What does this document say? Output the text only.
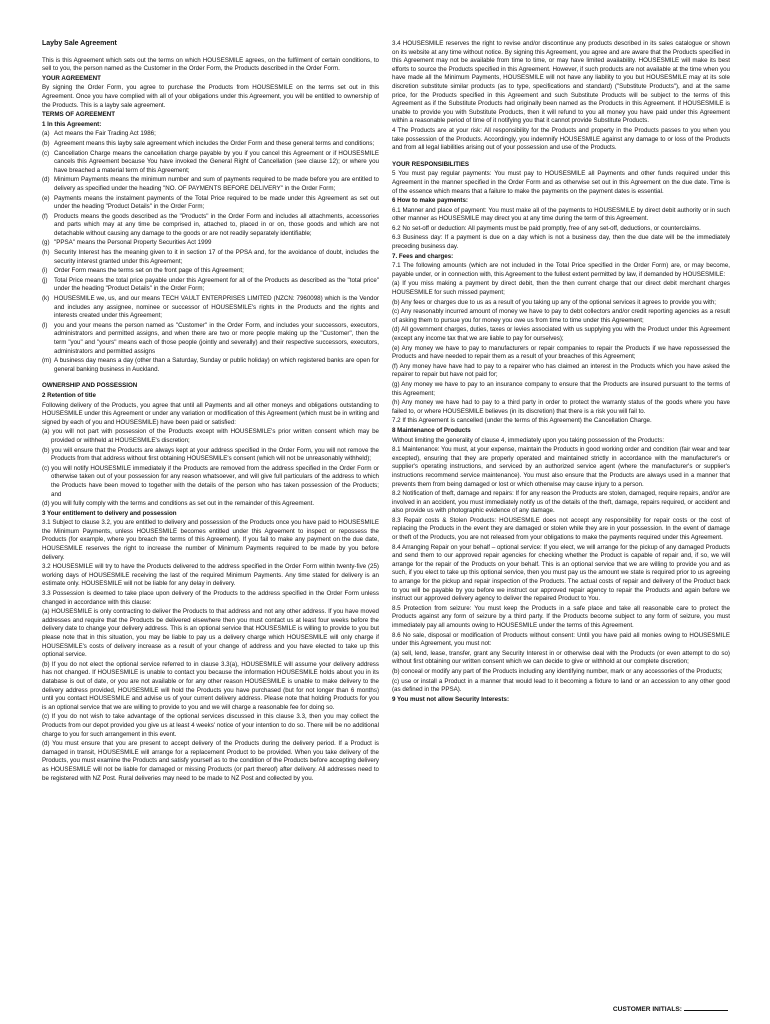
Layby Sale Agreement

This is this Agreement which sets out the terms on which HOUSESMILE agrees, on the fulfilment of certain conditions, to sell to you, the person named as the Customer in the Order Form, the Products described in the Order Form.

YOUR AGREEMENT

By signing the Order Form, you agree to purchase the Products from HOUSESMILE on the terms set out in this Agreement. Once you have complied with all of your obligations under this Agreement, you will be entitled to ownership of the Products. This is a layby sale agreement.

TERMS OF AGREEMENT

1 In this Agreement:

(a) Act means the Fair Trading Act 1986;
(b) Agreement means this layby sale agreement which includes the Order Form and these general terms and conditions;
(c) Cancellation Charge means the cancellation charge payable by you if you cancel this Agreement or if HOUSESMILE cancels this Agreement because You have invoked the General Right of Cancellation (see clause 12); or where you have breached a material term of this Agreement;
(d) Minimum Payments means the minimum number and sum of payments required to be made before you are entitled to delivery as specified under the heading "NO. OF PAYMENTS BEFORE DELIVERY" in the Order Form;
(e) Payments means the instalment payments of the Total Price required to be made under this Agreement as set out under the heading "Product Details" in the Order Form;
(f) Products means the goods described as the "Products" in the Order Form and includes all attachments, accessories and parts which may at any time be comprised in, attached to, placed in or on, those goods and which are not detachable without causing any damage to the goods or are not readily separately identifiable;
(g) "PPSA" means the Personal Property Securities Act 1999
(h) Security Interest has the meaning given to it in section 17 of the PPSA and, for the avoidance of doubt, includes the security interest granted under this Agreement;
(i)	Order Form means the terms set on the front page of this Agreement;
(j)	Total Price means the total price payable under this Agreement for all of the Products as described as the "total price" under the heading "Product Details" in the Order Form;
(k) HOUSESMILE we, us, and our means TECH VAULT ENTERPRISES LIMITED (NZCN: 7960098) which is the Vendor and includes any assignee, nominee or successor of HOUSESMILE's rights in the Products and the rights and interests created under this Agreement;
(l)	you and your means the person named as "Customer" in the Order Form, and includes your successors, executors, administrators and permitted assigns, and when there are two or more people making up the "Customer", then the term "you" and "yours" means each of those people (jointly and severally) and their respective successors, executors, administrators and permitted assigns
(m) A business day means a day (other than a Saturday, Sunday or public holiday) on which registered banks are open for general banking business in Auckland.

OWNERSHIP AND POSSESSION

2 Retention of title

Following delivery of the Products, you agree that until all Payments and all other moneys and obligations outstanding to HOUSESMILE under this Agreement or under any variation or modification of this Agreement (which must be in writing and signed by each of you and HOUSESMILE) have been paid or satisfied:

(a) you will not part with possession of the Products except with HOUSESMILE's prior written consent which may be provided or withheld at HOUSESMILE's discretion;

(b) you will ensure that the Products are always kept at your address specified in the Order Form, you will not remove the Products from that address without first obtaining HOUSESMILE's consent (which will not be unreasonably withheld);

(c) you will notify HOUSESMILE immediately if the Products are removed from the address specified in the Order Form or otherwise taken out of your possession for any reason whatsoever, and will give full particulars of the address to which the Products have been moved to together with the details of the person who has taken possession of the Products; and

(d) you will fully comply with the terms and conditions as set out in the remainder of this Agreement.

3 Your entitlement to delivery and possession

3.1 Subject to clause 3.2, you are entitled to delivery and possession of the Products once you have paid to HOUSESMILE the Minimum Payments, unless HOUSESMILE becomes entitled under this Agreement to inspect or repossess the Products (for example, where you breach the terms of this Agreement). If you fail to make any payment on the due date, HOUSESMILE reserves the right to increase the number of Minimum Payments required to be made by you before delivery.

3.2 HOUSESMILE will try to have the Products delivered to the address specified in the Order Form within twenty-five (25) working days of HOUSESMILE receiving the last of the required Minimum Payments. Any time stated for delivery is an estimate only. HOUSESMILE will not be liable for any delay in delivery.

3.3 Possession is deemed to take place upon delivery of the Products to the address specified in the Order Form unless changed in accordance with this clause:

(a) HOUSESMILE is only contracting to deliver the Products to that address and not any other address. If you have moved addresses and require that the Products be delivered elsewhere then you must contact us at least four weeks before the delivery date to change your delivery address. This is an optional service that HOUSESMILE is willing to provide to you but please note that in this situation, you may be liable to pay us a delivery charge which HOUSESMILE will only charge if HOUSESMILE's costs of delivery increase as a result of your change of address and you have elected to take up this optional service.

(b) If you do not elect the optional service referred to in clause 3.3(a), HOUSESMILE will assume your delivery address has not changed. If HOUSESMILE is unable to contact you because the information HOUSESMILE holds about you in its database is out of date, or you are not available or for any other reason HOUSESMILE is unable to make delivery to the delivery address provided, HOUSESMILE will hold the Products you have purchased (but for not longer than 6 months) until you contact HOUSESMILE and advise us of your current delivery address. Please note that holding Products for you is an optional service that we are willing to provide to you and we will charge a reasonable fee for doing so.

(c) If you do not wish to take advantage of the optional services discussed in this clause 3.3, then you may collect the Products from our depot provided you give us at least 4 weeks' notice of your intention to do so. There will be no additional charge to you for such arrangement in this event.

(d) You must ensure that you are present to accept delivery of the Products during the delivery period. If a Product is damaged in transit, HOUSESMILE will arrange for a replacement Product to be provided. When you take delivery of the Products, you must examine the Products and satisfy yourself as to the condition of the Products before accepting delivery as HOUSESMILE will not be liable for damaged or missing Products (or part thereof) after delivery. All addresses need to be registered with NZ Post. Rural deliveries may need to be made to NZ Post and collected by you.

3.4 HOUSESMILE reserves the right to revise and/or discontinue any products described in its sales catalogue or shown on its website at any time without notice. By signing this Agreement, you agree and are aware that the Products specified in this Agreement may not be available from time to time, or may have limited availability. HOUSESMILE will make its best efforts to source the Products specified in this Agreement. However, if such products are not available at the time when you have made all the Minimum Payments, HOUSESMILE will not have any liability to you but HOUSESMILE may at its sole discretion substitute similar products (as to type, specifications and standard) ("Substitute Products"), and at the same price, for the Products specified in this Agreement and such Substitute Products will be subject to the terms of this Agreement as if the Substitute Products had originally been named as the Products in this Agreement. If HOUSESMILE is unable to provide you with Substitute Products, then it will refund to you all money you have paid under this Agreement within a reasonable period of time of it notifying you that it cannot provide Substitute Products.

4 The Products are at your risk: All responsibility for the Products and property in the Products passes to you when you take possession of the Products. Accordingly, you indemnify HOUSESMILE against any damage to or loss of the Products and from all legal liabilities arising out of your possession and use of the Products.

YOUR RESPONSIBILITIES

5 You must pay regular payments: You must pay to HOUSESMILE all Payments and other funds required under this Agreement in the manner specified in the Order Form and as otherwise set out in this Agreement on the due date. Time is of the essence which means that a failure to make the payments on the payment dates is essential.

6 How to make payments:

6.1 Manner and place of payment: You must make all of the payments to HOUSESMILE by direct debit authority or in such other manner as HOUSESMILE may direct you at any time during the term of this Agreement.

6.2 No set-off or deduction: All payments must be paid promptly, free of any set-off, deductions, or counterclaims.

6.3 Business day: If a payment is due on a day which is not a business day, then the due date will be the immediately preceding business day.

7. Fees and charges:

7.1 The following amounts (which are not included in the Total Price specified in the Order Form) are, or may become, payable under, or in connection with, this Agreement to the fullest extent permitted by law, if demanded by HOUSESMILE:

(a) If you miss making a payment by direct debit, then the then current charge that our direct debit merchant charges HOUSESMILE for such missed payment;

(b) Any fees or charges due to us as a result of you taking up any of the optional services it agrees to provide you with;

(c) Any reasonably incurred amount of money we have to pay to debt collectors and/or credit reporting agencies as a result of asking them to pursue you for money you owe us from time to time under this Agreement;

(d) All government charges, duties, taxes or levies associated with us supplying you with the Product under this Agreement (except any income tax that we are liable to pay for ourselves);

(e) Any money we have to pay to manufacturers or repair companies to repair the Products if we have repossessed the Products and have needed to repair them as a result of your breaches of this Agreement;

(f) Any money have have had to pay to a repairer who has claimed an interest in the Products which you have asked the repairer to repair but have not paid for;

(g) Any money we have to pay to an insurance company to ensure that the Products are insured pursuant to the terms of this Agreement;

(h) Any money we have had to pay to a third party in order to protect the warranty status of the goods where you have failed to, or where HOUSESMILE believes (in its discretion) that there is a risk you will fail to.

7.2 If this Agreement is cancelled (under the terms of this Agreement) the Cancellation Charge.

8 Maintenance of Products

Without limiting the generality of clause 4, immediately upon you taking possession of the Products:

8.1 Maintenance: You must, at your expense, maintain the Products in good working order and condition (fair wear and tear excepted), ensuring that they are properly operated and maintained strictly in accordance with the manufacturer's or supplier's operating instructions, and serviced by an authorized service agent (where the manufacturer's or supplier's instructions recommend service maintenance). You must also ensure that the Products are always used in a manner that prevents them from being damaged or lost or which otherwise may cause injury to a person.

8.2 Notification of theft, damage and repairs: If for any reason the Products are stolen, damaged, require repairs, and/or are involved in an accident, you must immediately notify us of the details of the theft, damage, repairs required, or accident and also provide us with photographic evidence of any damage.

8.3 Repair costs & Stolen Products: HOUSESMILE does not accept any responsibility for repair costs or the cost of replacing the Products in the event they are damaged or stolen while they are in your possession. In the event of damage or theft of the Products, you are not released from your obligations to make the payments required under this Agreement.

8.4 Arranging Repair on your behalf – optional service: If you elect, we will arrange for the pickup of any damaged Products and send them to our approved repair agencies for checking whether the Product is capable of repair and, if so, we will arrange for the repair of the Products on your behalf. This is an optional service that we are willing to provide you and as such, if you elect to take up this optional service, then you must pay us the amount we state is required prior to us agreeing to arrange for the pickup and repair inspection of the Products. The actual costs of repair and delivery of the Product back to you will be payable by you before we instruct our approved repair agency to repair the Products and again before we instruct our approved delivery agency to deliver the repaired Product to You.

8.5 Protection from seizure: You must keep the Products in a safe place and take all reasonable care to protect the Products against any form of seizure by a third party. If the Products become subject to any form of seizure, you must immediately pay all amounts owing to HOUSESMILE under the terms of this Agreement.

8.6 No sale, disposal or modification of Products without consent: Until you have paid all monies owing to HOUSESMILE under this Agreement, you must not:

(a) sell, lend, lease, transfer, grant any Security Interest in or otherwise deal with the Products (or even attempt to do so) without first obtaining our written consent which we can decide to give or withhold at our complete discretion;

(b) conceal or modify any part of the Products including any identifying number, mark or any accessories of the Products;

(c) use or install a Product in a manner that would lead to it becoming a fixture to land or an accession to any other good (as defined in the PPSA).

9 You must not allow Security Interests:

CUSTOMER INITIALS:
